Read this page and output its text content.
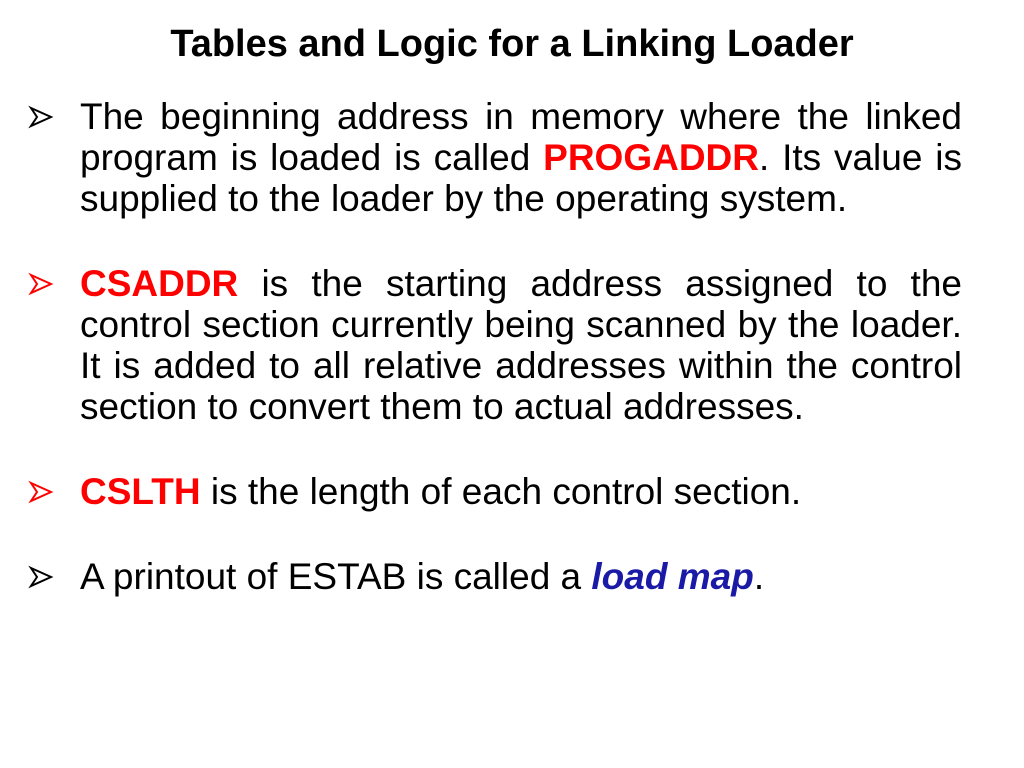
Tables and Logic for a Linking Loader
The beginning address in memory where the linked program is loaded is called PROGADDR. Its value is supplied to the loader by the operating system.
CSADDR is the starting address assigned to the control section currently being scanned by the loader. It is added to all relative addresses within the control section to convert them to actual addresses.
CSLTH is the length of each control section.
A printout of ESTAB is called a load map.
